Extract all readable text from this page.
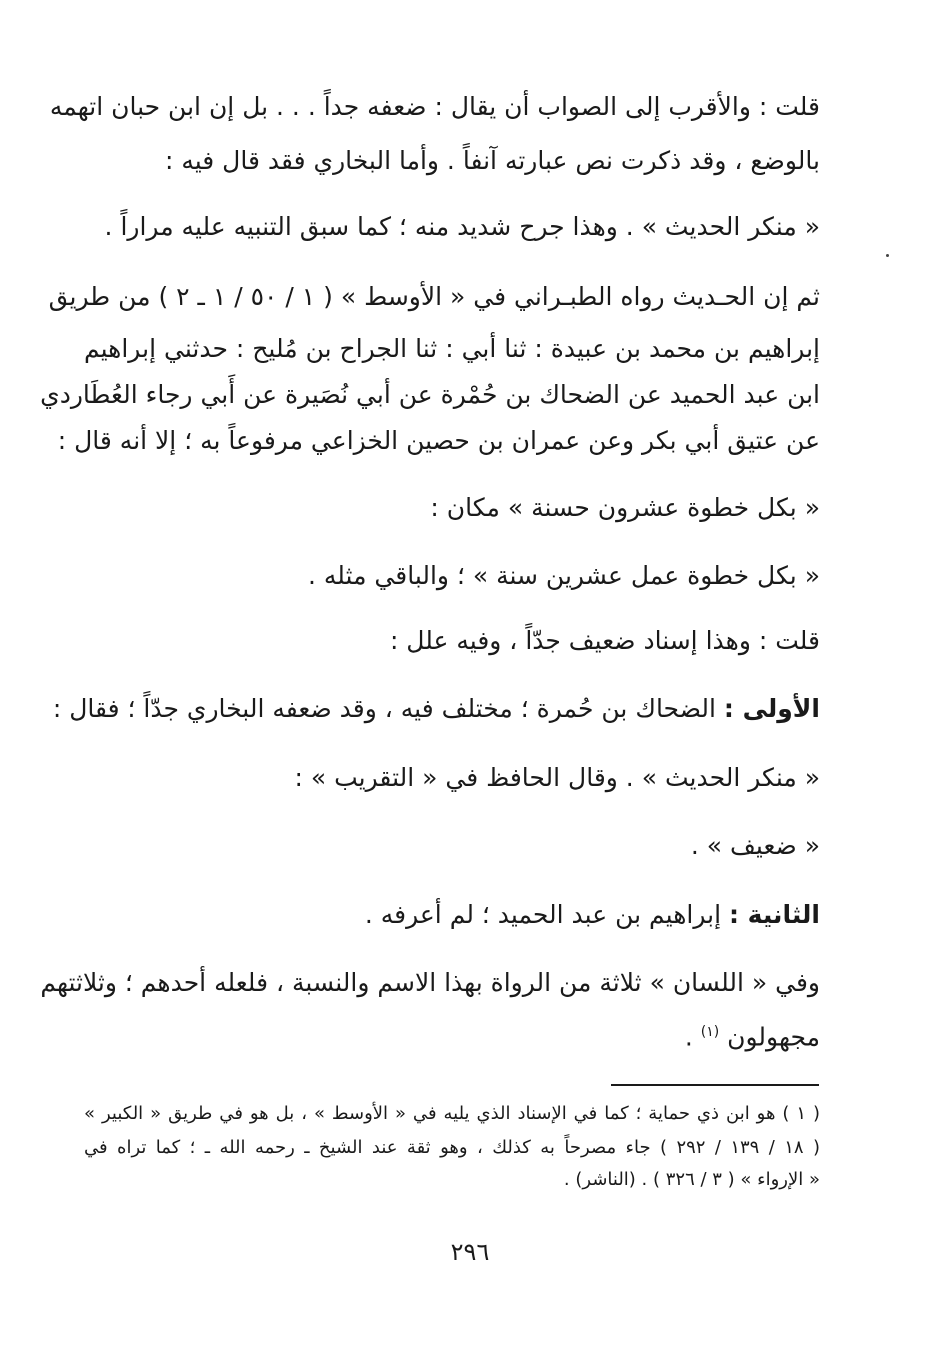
قلت : والأقرب إلى الصواب أن يقال : ضعفه جداً . . . بل إن ابن حبان اتهمه

بالوضع ، وقد ذكرت نص عبارته آنفاً . وأما البخاري فقد قال فيه :

« منكر الحديث » . وهذا جرح شديد منه ؛ كما سبق التنبيه عليه مراراً .

ثم إن الحـديث رواه الطبـراني في « الأوسط » ( ١ / ٥٠ / ١ ـ ٢ ) من طريق

إبراهيم بن محمد بن عبيدة : ثنا أبي : ثنا الجراح بن مُليح : حدثني إبراهيم

ابن عبد الحميد عن الضحاك بن حُمْرة عن أبي نُصَيرة عن أَبي رجاء العُطَاردي

عن عتيق أبي بكر وعن عمران بن حصين الخزاعي مرفوعاً به ؛ إلا أنه قال :

« بكل خطوة عشرون حسنة » مكان :

« بكل خطوة عمل عشرين سنة » ؛ والباقي مثله .

قلت : وهذا إسناد ضعيف جدّاً ، وفيه علل :

الأولى : الضحاك بن حُمرة ؛ مختلف فيه ، وقد ضعفه البخاري جدّاً ؛ فقال :

« منكر الحديث » . وقال الحافظ في « التقريب » :

« ضعيف » .

الثانية : إبراهيم بن عبد الحميد ؛ لم أعرفه .

وفي « اللسان » ثلاثة من الرواة بهذا الاسم والنسبة ، فلعله أحدهم ؛ وثلاثتهم

مجهولون $^{(١)}$ .

( ١ ) هو ابن ذي حماية ؛ كما في الإسناد الذي يليه في « الأوسط » ، بل هو في طريق « الكبير »

( ١٨ / ١٣٩ / ٢٩٢ ) جاء مصرحاً به كذلك ، وهو ثقة عند الشيخ ـ رحمه الله ـ ؛ كما تراه في

« الإرواء » ( ٣ / ٣٢٦ ) . (الناشر) .

٢٩٦
